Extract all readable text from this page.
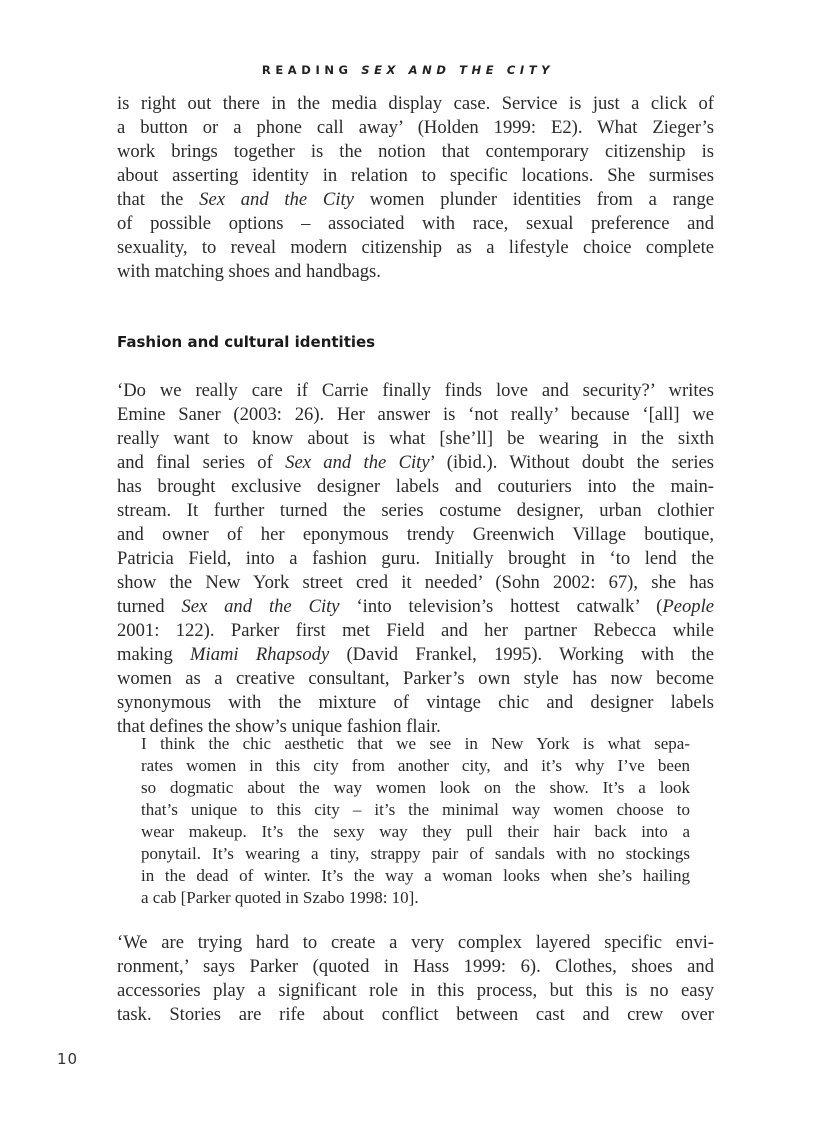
READING SEX AND THE CITY
is right out there in the media display case. Service is just a click of
a button or a phone call away’ (Holden 1999: E2). What Zieger’s
work brings together is the notion that contemporary citizenship is
about asserting identity in relation to specific locations. She surmises
that the Sex and the City women plunder identities from a range
of possible options – associated with race, sexual preference and
sexuality, to reveal modern citizenship as a lifestyle choice complete
with matching shoes and handbags.
Fashion and cultural identities
‘Do we really care if Carrie finally finds love and security?’ writes
Emine Saner (2003: 26). Her answer is ‘not really’ because ‘[all] we
really want to know about is what [she’ll] be wearing in the sixth
and final series of Sex and the City’ (ibid.). Without doubt the series
has brought exclusive designer labels and couturiers into the main-
stream. It further turned the series costume designer, urban clothier
and owner of her eponymous trendy Greenwich Village boutique,
Patricia Field, into a fashion guru. Initially brought in ‘to lend the
show the New York street cred it needed’ (Sohn 2002: 67), she has
turned Sex and the City ‘into television’s hottest catwalk’ (People
2001: 122). Parker first met Field and her partner Rebecca while
making Miami Rhapsody (David Frankel, 1995). Working with the
women as a creative consultant, Parker’s own style has now become
synonymous with the mixture of vintage chic and designer labels
that defines the show’s unique fashion flair.
I think the chic aesthetic that we see in New York is what sepa-
rates women in this city from another city, and it’s why I’ve been
so dogmatic about the way women look on the show. It’s a look
that’s unique to this city – it’s the minimal way women choose to
wear makeup. It’s the sexy way they pull their hair back into a
ponytail. It’s wearing a tiny, strappy pair of sandals with no stockings
in the dead of winter. It’s the way a woman looks when she’s hailing
a cab [Parker quoted in Szabo 1998: 10].
‘We are trying hard to create a very complex layered specific envi-
ronment,’ says Parker (quoted in Hass 1999: 6). Clothes, shoes and
accessories play a significant role in this process, but this is no easy
task. Stories are rife about conflict between cast and crew over
10
